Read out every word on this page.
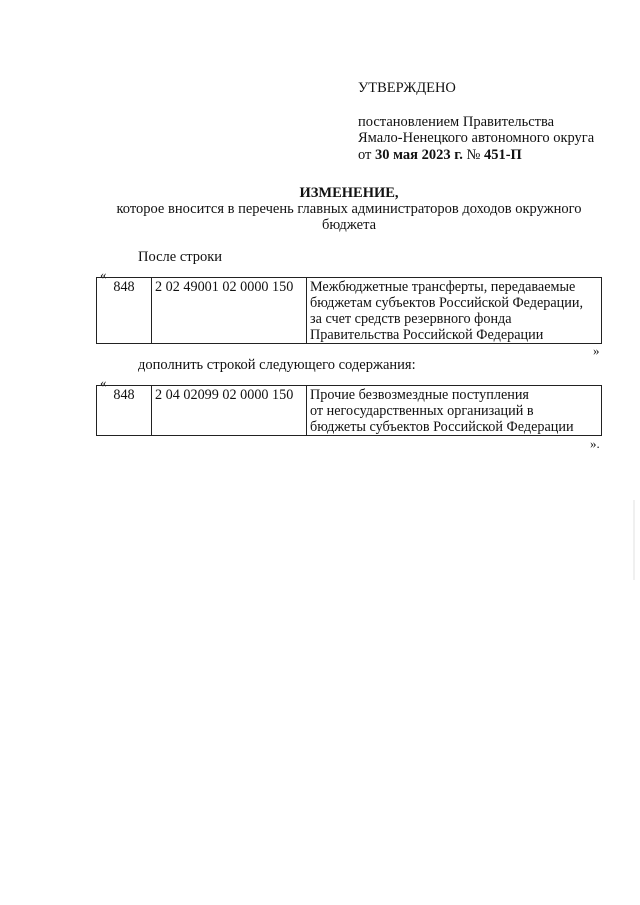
УТВЕРЖДЕНО
постановлением Правительства
Ямало-Ненецкого автономного округа
от 30 мая 2023 г. № 451-П
ИЗМЕНЕНИЕ,
которое вносится в перечень главных администраторов доходов окружного
бюджета
После строки
«
848	2 02 49001 02 0000 150	Межбюджетные трансферты, передаваемые
бюджетам субъектов Российской Федерации,
за счет средств резервного фонда
Правительства Российской Федерации
»
дополнить строкой следующего содержания:
«
848	2 04 02099 02 0000 150	Прочие безвозмездные поступления
от негосударственных организаций в
бюджеты субъектов Российской Федерации
».
